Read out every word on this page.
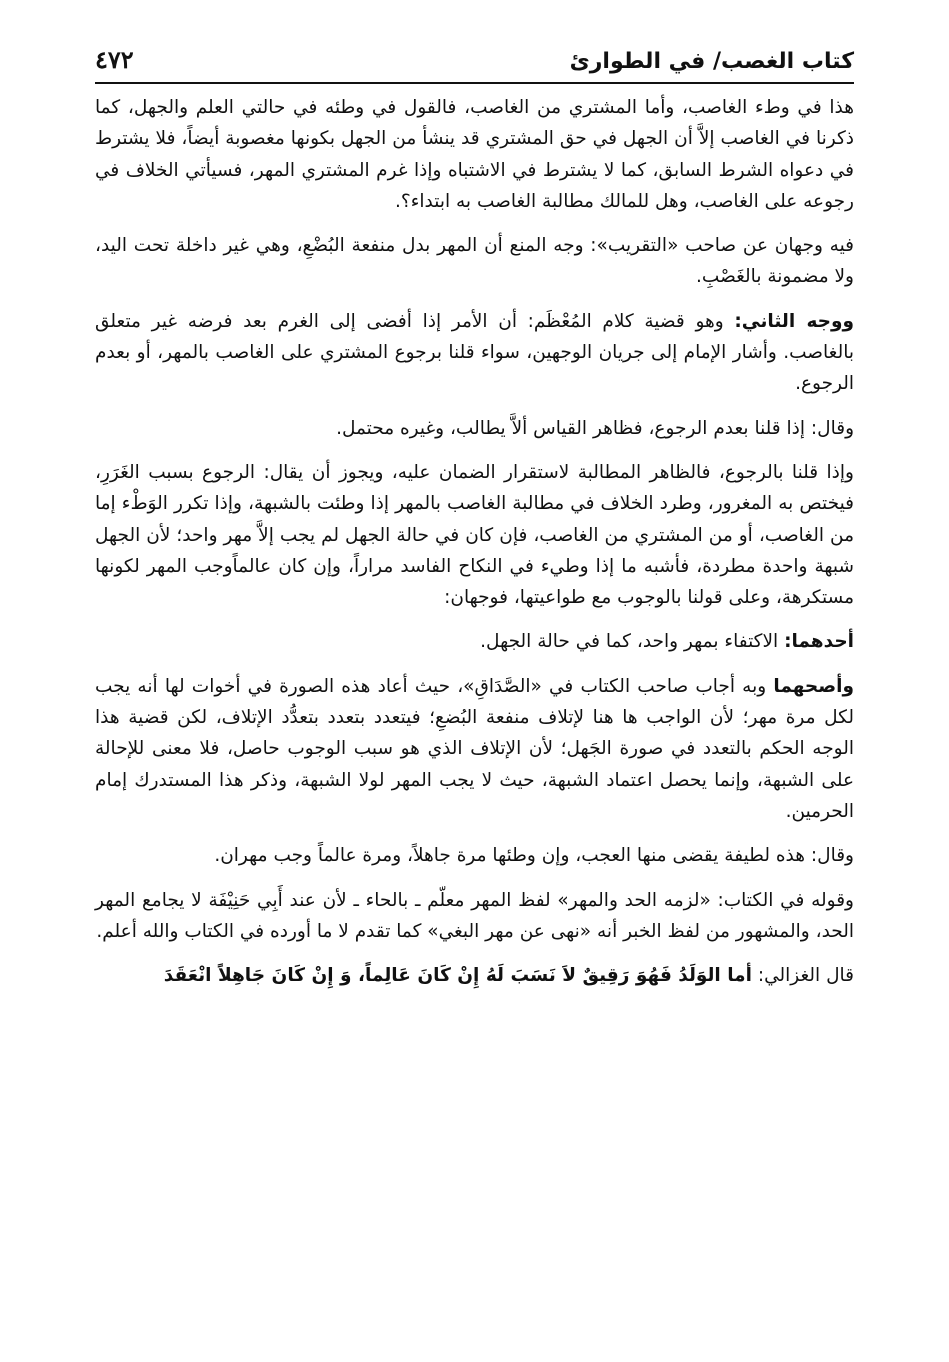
كتاب الغصب/ في الطوارئ
٤٧٢

هذا في وطء الغاصب، وأما المشتري من الغاصب، فالقول في وطئه في حالتي العلم والجهل، كما ذكرنا في الغاصب إلاَّ أن الجهل في حق المشتري قد ينشأ من الجهل بكونها مغصوبة أيضاً، فلا يشترط في دعواه الشرط السابق، كما لا يشترط في الاشتباه وإذا غرم المشتري المهر، فسيأتي الخلاف في رجوعه على الغاصب، وهل للمالك مطالبة الغاصب به ابتداء؟.

فيه وجهان عن صاحب «التقريب»: وجه المنع أن المهر بدل منفعة البُضْعِ، وهي غير داخلة تحت اليد، ولا مضمونة بالغَصْبِ.

ووجه الثاني: وهو قضية كلام المُعْظَم: أن الأمر إذا أفضى إلى الغرم بعد فرضه غير متعلق بالغاصب. وأشار الإمام إلى جريان الوجهين، سواء قلنا برجوع المشتري على الغاصب بالمهر، أو بعدم الرجوع.

وقال: إذا قلنا بعدم الرجوع، فظاهر القياس ألاَّ يطالب، وغيره محتمل.

وإذا قلنا بالرجوع، فالظاهر المطالبة لاستقرار الضمان عليه، ويجوز أن يقال: الرجوع بسبب الغَرَرِ، فيختص به المغرور، وطرد الخلاف في مطالبة الغاصب بالمهر إذا وطئت بالشبهة، وإذا تكرر الوَطْء إما من الغاصب، أو من المشتري من الغاصب، فإن كان في حالة الجهل لم يجب إلاَّ مهر واحد؛ لأن الجهل شبهة واحدة مطردة، فأشبه ما إذا وطيء في النكاح الفاسد مراراً، وإن كان عالماًوجب المهر لكونها مستكرهة، وعلى قولنا بالوجوب مع طواعيتها، فوجهان:

أحدهما: الاكتفاء بمهر واحد، كما في حالة الجهل.

وأصحهما وبه أجاب صاحب الكتاب في «الصَّدَاقِ»، حيث أعاد هذه الصورة في أخوات لها أنه يجب لكل مرة مهر؛ لأن الواجب ها هنا لإتلاف منفعة البُضعِ؛ فيتعدد بتعدد بتعدُّد الإتلاف، لكن قضية هذا الوجه الحكم بالتعدد في صورة الجَهل؛ لأن الإتلاف الذي هو سبب الوجوب حاصل، فلا معنى للإحالة على الشبهة، وإنما يحصل اعتماد الشبهة، حيث لا يجب المهر لولا الشبهة، وذكر هذا المستدرك إمام الحرمين.

وقال: هذه لطيفة يقضى منها العجب، وإن وطئها مرة جاهلاً، ومرة عالماً وجب مهران.

وقوله في الكتاب: «لزمه الحد والمهر» لفظ المهر معلّم ـ بالحاء ـ لأن عند أَبِي حَنِيْفَة لا يجامع المهر الحد، والمشهور من لفظ الخبر أنه «نهى عن مهر البغي» كما تقدم لا ما أورده في الكتاب والله أعلم.

قال الغزالي: أما الوَلَدُ فَهُوَ رَقِيقٌ لاَ نَسَبَ لَهُ إِنْ كَانَ عَالِماً، وَ إِنْ كَانَ جَاهِلاً انْعَقَدَ
